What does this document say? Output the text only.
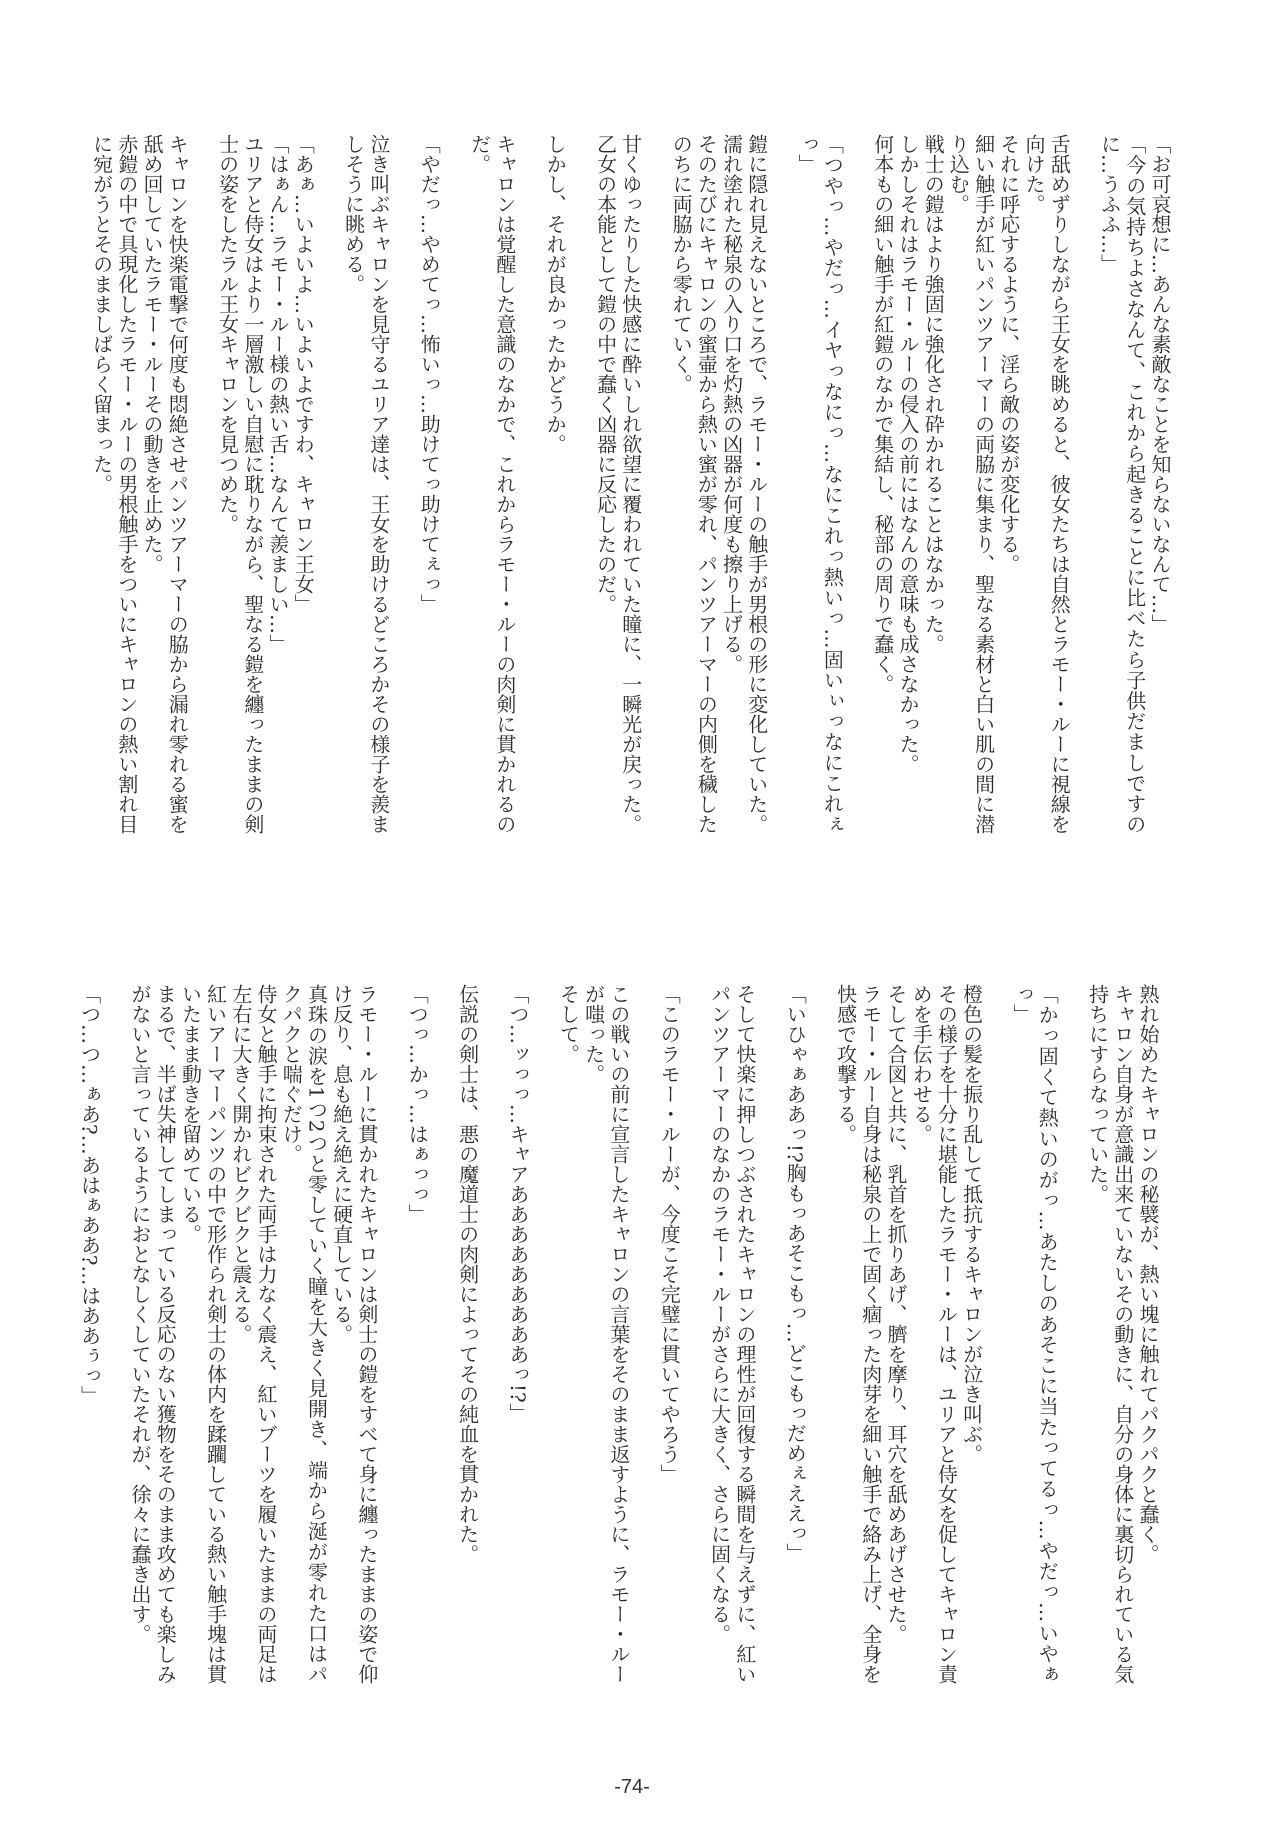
「お可哀想に…あんな素敵なことを知らないなんて…」
「今の気持ちよさなんて、これから起きることに比べたら子供だましですのに…うふふ…」
舌舐めずりしながら王女を眺めると、彼女たちは自然とラモー・ルーに視線を向けた。
それに呼応するように、淫ら敵の姿が変化する。
細い触手が紅いパンツアーマーの両脇に集まり、聖なる素材と白い肌の間に潜り込む。
戦士の鎧はより強固に強化され砕かれることはなかった。
しかしそれはラモー・ルーの侵入の前にはなんの意味も成さなかった。
何本もの細い触手が紅鎧のなかで集結し、秘部の周りで蠢く。
「つやっ…やだっ…イヤっなにっ…なにこれっ熱いっ…固いぃっなにこれぇっ」
鎧に隠れ見えないところで、ラモー・ルーの触手が男根の形に変化していた。
濡れ塗れた秘泉の入り口を灼熱の凶器が何度も擦り上げる。
そのたびにキャロンの蜜壷から熱い蜜が零れ、パンツアーマーの内側を穢したのちに両脇から零れていく。
甘くゆったりした快感に酔いしれ欲望に覆われていた瞳に、一瞬光が戻った。
乙女の本能として鎧の中で蠢く凶器に反応したのだ。
しかし、それが良かったかどうか。
キャロンは覚醒した意識のなかで、これからラモー・ルーの肉剣に貫かれるのだ。
「やだっ…やめてっ…怖いっ…助けてっ助けてぇっ」
泣き叫ぶキャロンを見守るユリア達は、王女を助けるどころかその様子を羨ましそうに眺める。
「あぁ…いよいよ…いよいよですわ、キャロン王女」
「はぁん…ラモー・ルー様の熱い舌…なんて羨ましい…」
ユリアと侍女はより一層激しい自慰に耽りながら、聖なる鎧を纏ったままの剣士の姿をしたラル王女キャロンを見つめた。
キャロンを快楽電撃で何度も悶絶させパンツアーマーの脇から漏れ零れる蜜を舐め回していたラモー・ルーその動きを止めた。
赤鎧の中で具現化したラモー・ルーの男根触手をついにキャロンの熱い割れ目に宛がうとそのまましばらく留まった。
熟れ始めたキャロンの秘襞が、熱い塊に触れてパクパクと蠢く。
キャロン自身が意識出来ていないその動きに、自分の身体に裏切られている気持ちにすらなっていた。
「かっ固くて熱いのがっ…あたしのあそこに当たってるっ…やだっ…いやぁっ」
橙色の髪を振り乱して抵抗するキャロンが泣き叫ぶ。
その様子を十分に堪能したラモー・ルーは、ユリアと侍女を促してキャロン責めを手伝わせる。
そして合図と共に、乳首を抓りあげ、臍を摩り、耳穴を舐めあげさせた。
ラモー・ルー自身は秘泉の上で固く痼った肉芽を細い触手で絡み上げ、全身を快感で攻撃する。
「いひゃぁああっ!?胸もっあそこもっ…どこもっだめぇええっ」
そして快楽に押しつぶされたキャロンの理性が回復する瞬間を与えずに、紅いパンツアーマーのなかのラモー・ルーがさらに大きく、さらに固くなる。
「このラモー・ルーが、今度こそ完璧に貫いてやろう」
この戦いの前に宣言したキャロンの言葉をそのまま返すように、ラモー・ルーが嗤った。
そして。
「つ…ッっっ…キャアあああああああああっ!?」
伝説の剣士は、悪の魔道士の肉剣によってその純血を貫かれた。
「つっ…かっ…はぁっっ」
ラモー・ルーに貫かれたキャロンは剣士の鎧をすべて身に纏ったままの姿で仰け反り、息も絶え絶えに硬直している。
真珠の涙を1つ2つと零していく瞳を大きく見開き、端から涎が零れた口はパクパクと喘ぐだけ。
侍女と触手に拘束された両手は力なく震え、紅いブーツを履いたままの両足は左右に大きく開かれビクビクと震える。
紅いアーマーパンツの中で形作られ剣士の体内を蹂躙している熱い触手塊は貫いたまま動きを留めている。
まるで、半ば失神してしまっている反応のない獲物をそのまま攻めても楽しみがないと言っているようにおとなしくしていたそれが、徐々に蠢き出す。
「つ…つ…ぁあ?…あはぁああ?…はああぅっ」
-74-
